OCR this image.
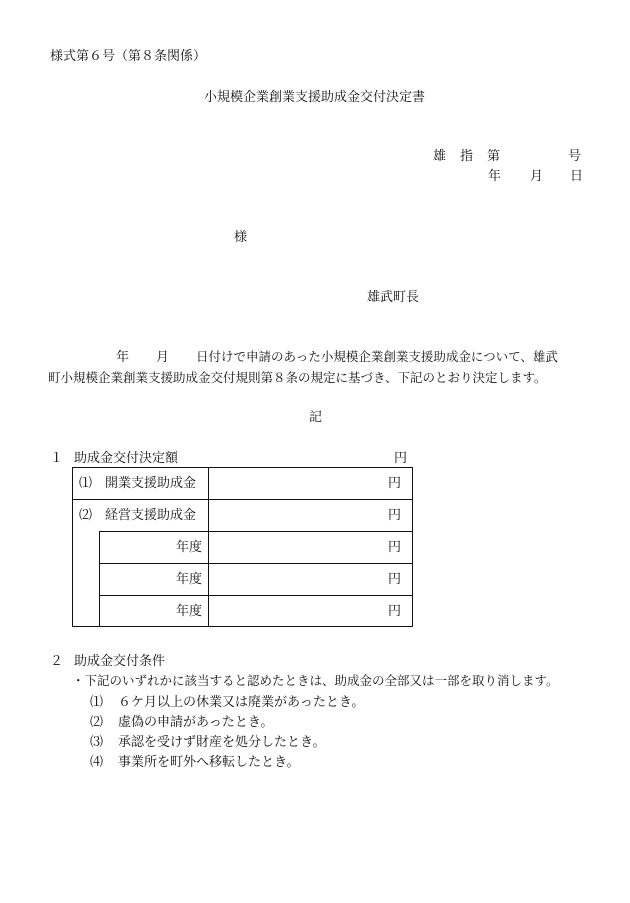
様式第６号（第８条関係）
小規模企業創業支援助成金交付決定書
雄 指 第	号
年 月 日
様
雄武町長
年 月 日付けで申請のあった小規模企業創業支援助成金について、雄武
町小規模企業創業支援助成金交付規則第８条の規定に基づき、下記のとおり決定します。
記
１ 助成金交付決定額	円
⑴　開業支援助成金	円
⑵　経営支援助成金	円
年度	円
年度	円
年度	円
２ 助成金交付条件
・下記のいずれかに該当すると認めたときは、助成金の全部又は一部を取り消します。
⑴ ６ケ月以上の休業又は廃業があったとき。
⑵ 虚偽の申請があったとき。
⑶ 承認を受けず財産を処分したとき。
⑷ 事業所を町外へ移転したとき。
